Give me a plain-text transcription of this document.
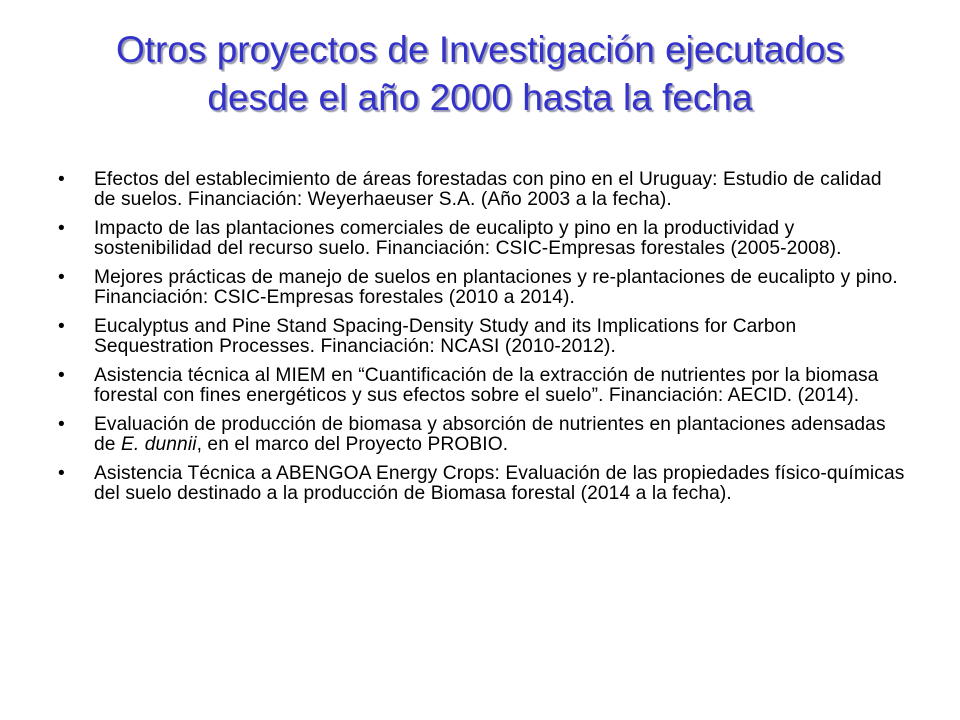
Otros proyectos de Investigación ejecutados
desde el año 2000 hasta la fecha
•	Efectos del establecimiento de áreas forestadas con pino en el Uruguay: Estudio de calidad de suelos. Financiación: Weyerhaeuser S.A. (Año 2003 a la fecha).
•	Impacto de las plantaciones comerciales de eucalipto y pino en la productividad y sostenibilidad del recurso suelo. Financiación: CSIC-Empresas forestales (2005-2008).
•	Mejores prácticas de manejo de suelos en plantaciones y re-plantaciones de eucalipto y pino. Financiación: CSIC-Empresas forestales (2010 a 2014).
•	Eucalyptus and Pine Stand Spacing-Density Study and its Implications for Carbon Sequestration Processes. Financiación: NCASI (2010-2012).
•	Asistencia técnica al MIEM en “Cuantificación de la extracción de nutrientes por la biomasa forestal con fines energéticos y sus efectos sobre el suelo”. Financiación: AECID. (2014).
•	Evaluación de producción de biomasa y absorción de nutrientes en plantaciones adensadas de E. dunnii, en el marco del Proyecto PROBIO.
•	Asistencia Técnica a ABENGOA Energy Crops: Evaluación de las propiedades físico-químicas del suelo destinado a la producción de Biomasa forestal (2014 a la fecha).
